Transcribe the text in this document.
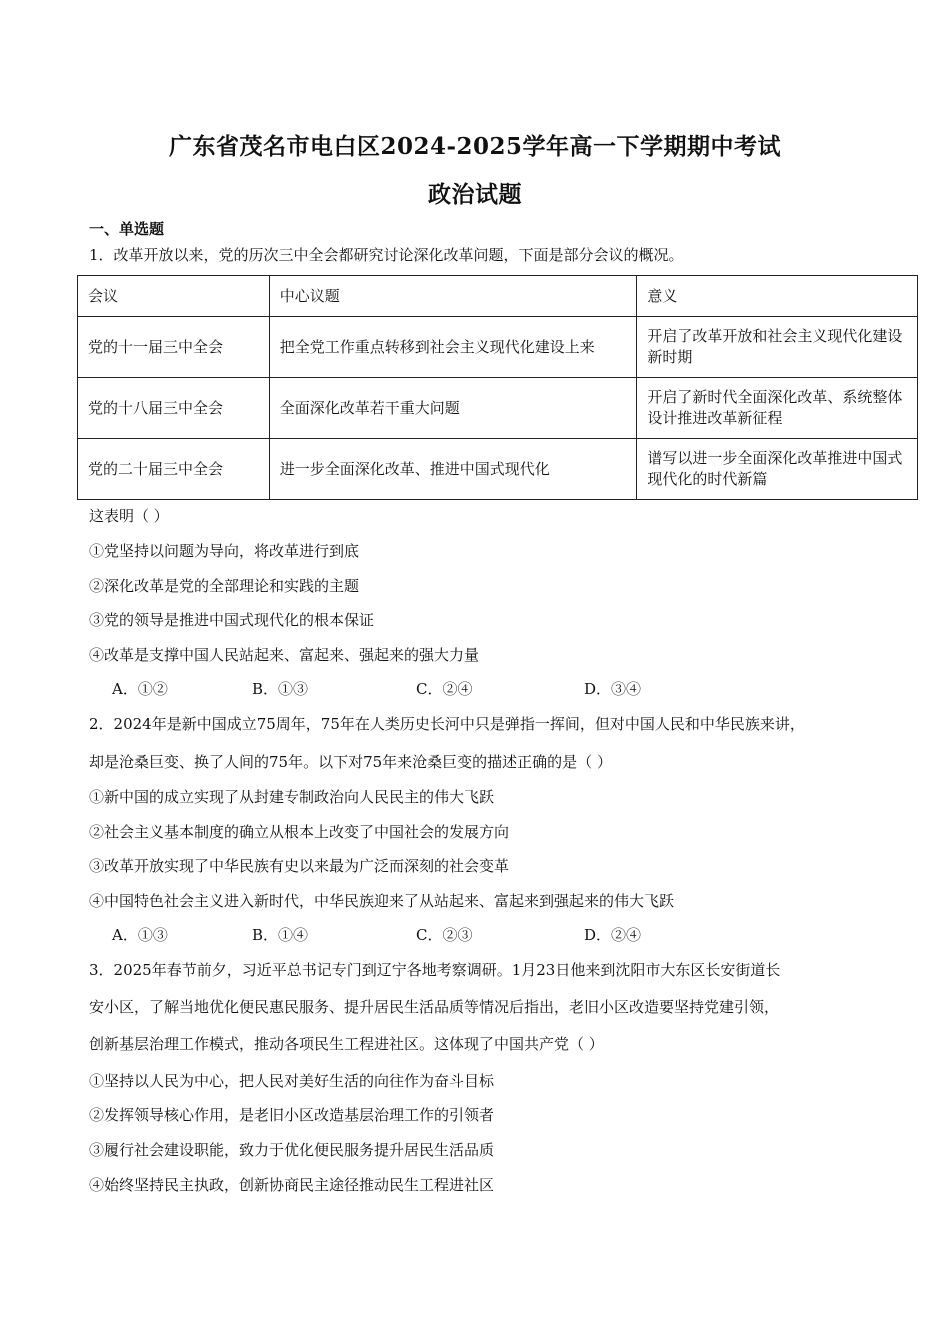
广东省茂名市电白区2024-2025学年高一下学期期中考试
政治试题
一、单选题
1．改革开放以来，党的历次三中全会都研究讨论深化改革问题，下面是部分会议的概况。
会议	中心议题	意义
党的十一届三中全会	把全党工作重点转移到社会主义现代化建设上来	开启了改革开放和社会主义现代化建设新时期
党的十八届三中全会	全面深化改革若干重大问题	开启了新时代全面深化改革、系统整体设计推进改革新征程
党的二十届三中全会	进一步全面深化改革、推进中国式现代化	谱写以进一步全面深化改革推进中国式现代化的时代新篇
这表明（ ）
①党坚持以问题为导向，将改革进行到底
②深化改革是党的全部理论和实践的主题
③党的领导是推进中国式现代化的根本保证
④改革是支撑中国人民站起来、富起来、强起来的强大力量
A．①②	B．①③	C．②④	D．③④
2．2024年是新中国成立75周年，75年在人类历史长河中只是弹指一挥间，但对中国人民和中华民族来讲，
却是沧桑巨变、换了人间的75年。以下对75年来沧桑巨变的描述正确的是（ ）
①新中国的成立实现了从封建专制政治向人民民主的伟大飞跃
②社会主义基本制度的确立从根本上改变了中国社会的发展方向
③改革开放实现了中华民族有史以来最为广泛而深刻的社会变革
④中国特色社会主义进入新时代，中华民族迎来了从站起来、富起来到强起来的伟大飞跃
A．①③	B．①④	C．②③	D．②④
3．2025年春节前夕，习近平总书记专门到辽宁各地考察调研。1月23日他来到沈阳市大东区长安街道长
安小区，了解当地优化便民惠民服务、提升居民生活品质等情况后指出，老旧小区改造要坚持党建引领，
创新基层治理工作模式，推动各项民生工程进社区。这体现了中国共产党（ ）
①坚持以人民为中心，把人民对美好生活的向往作为奋斗目标
②发挥领导核心作用，是老旧小区改造基层治理工作的引领者
③履行社会建设职能，致力于优化便民服务提升居民生活品质
④始终坚持民主执政，创新协商民主途径推动民生工程进社区
